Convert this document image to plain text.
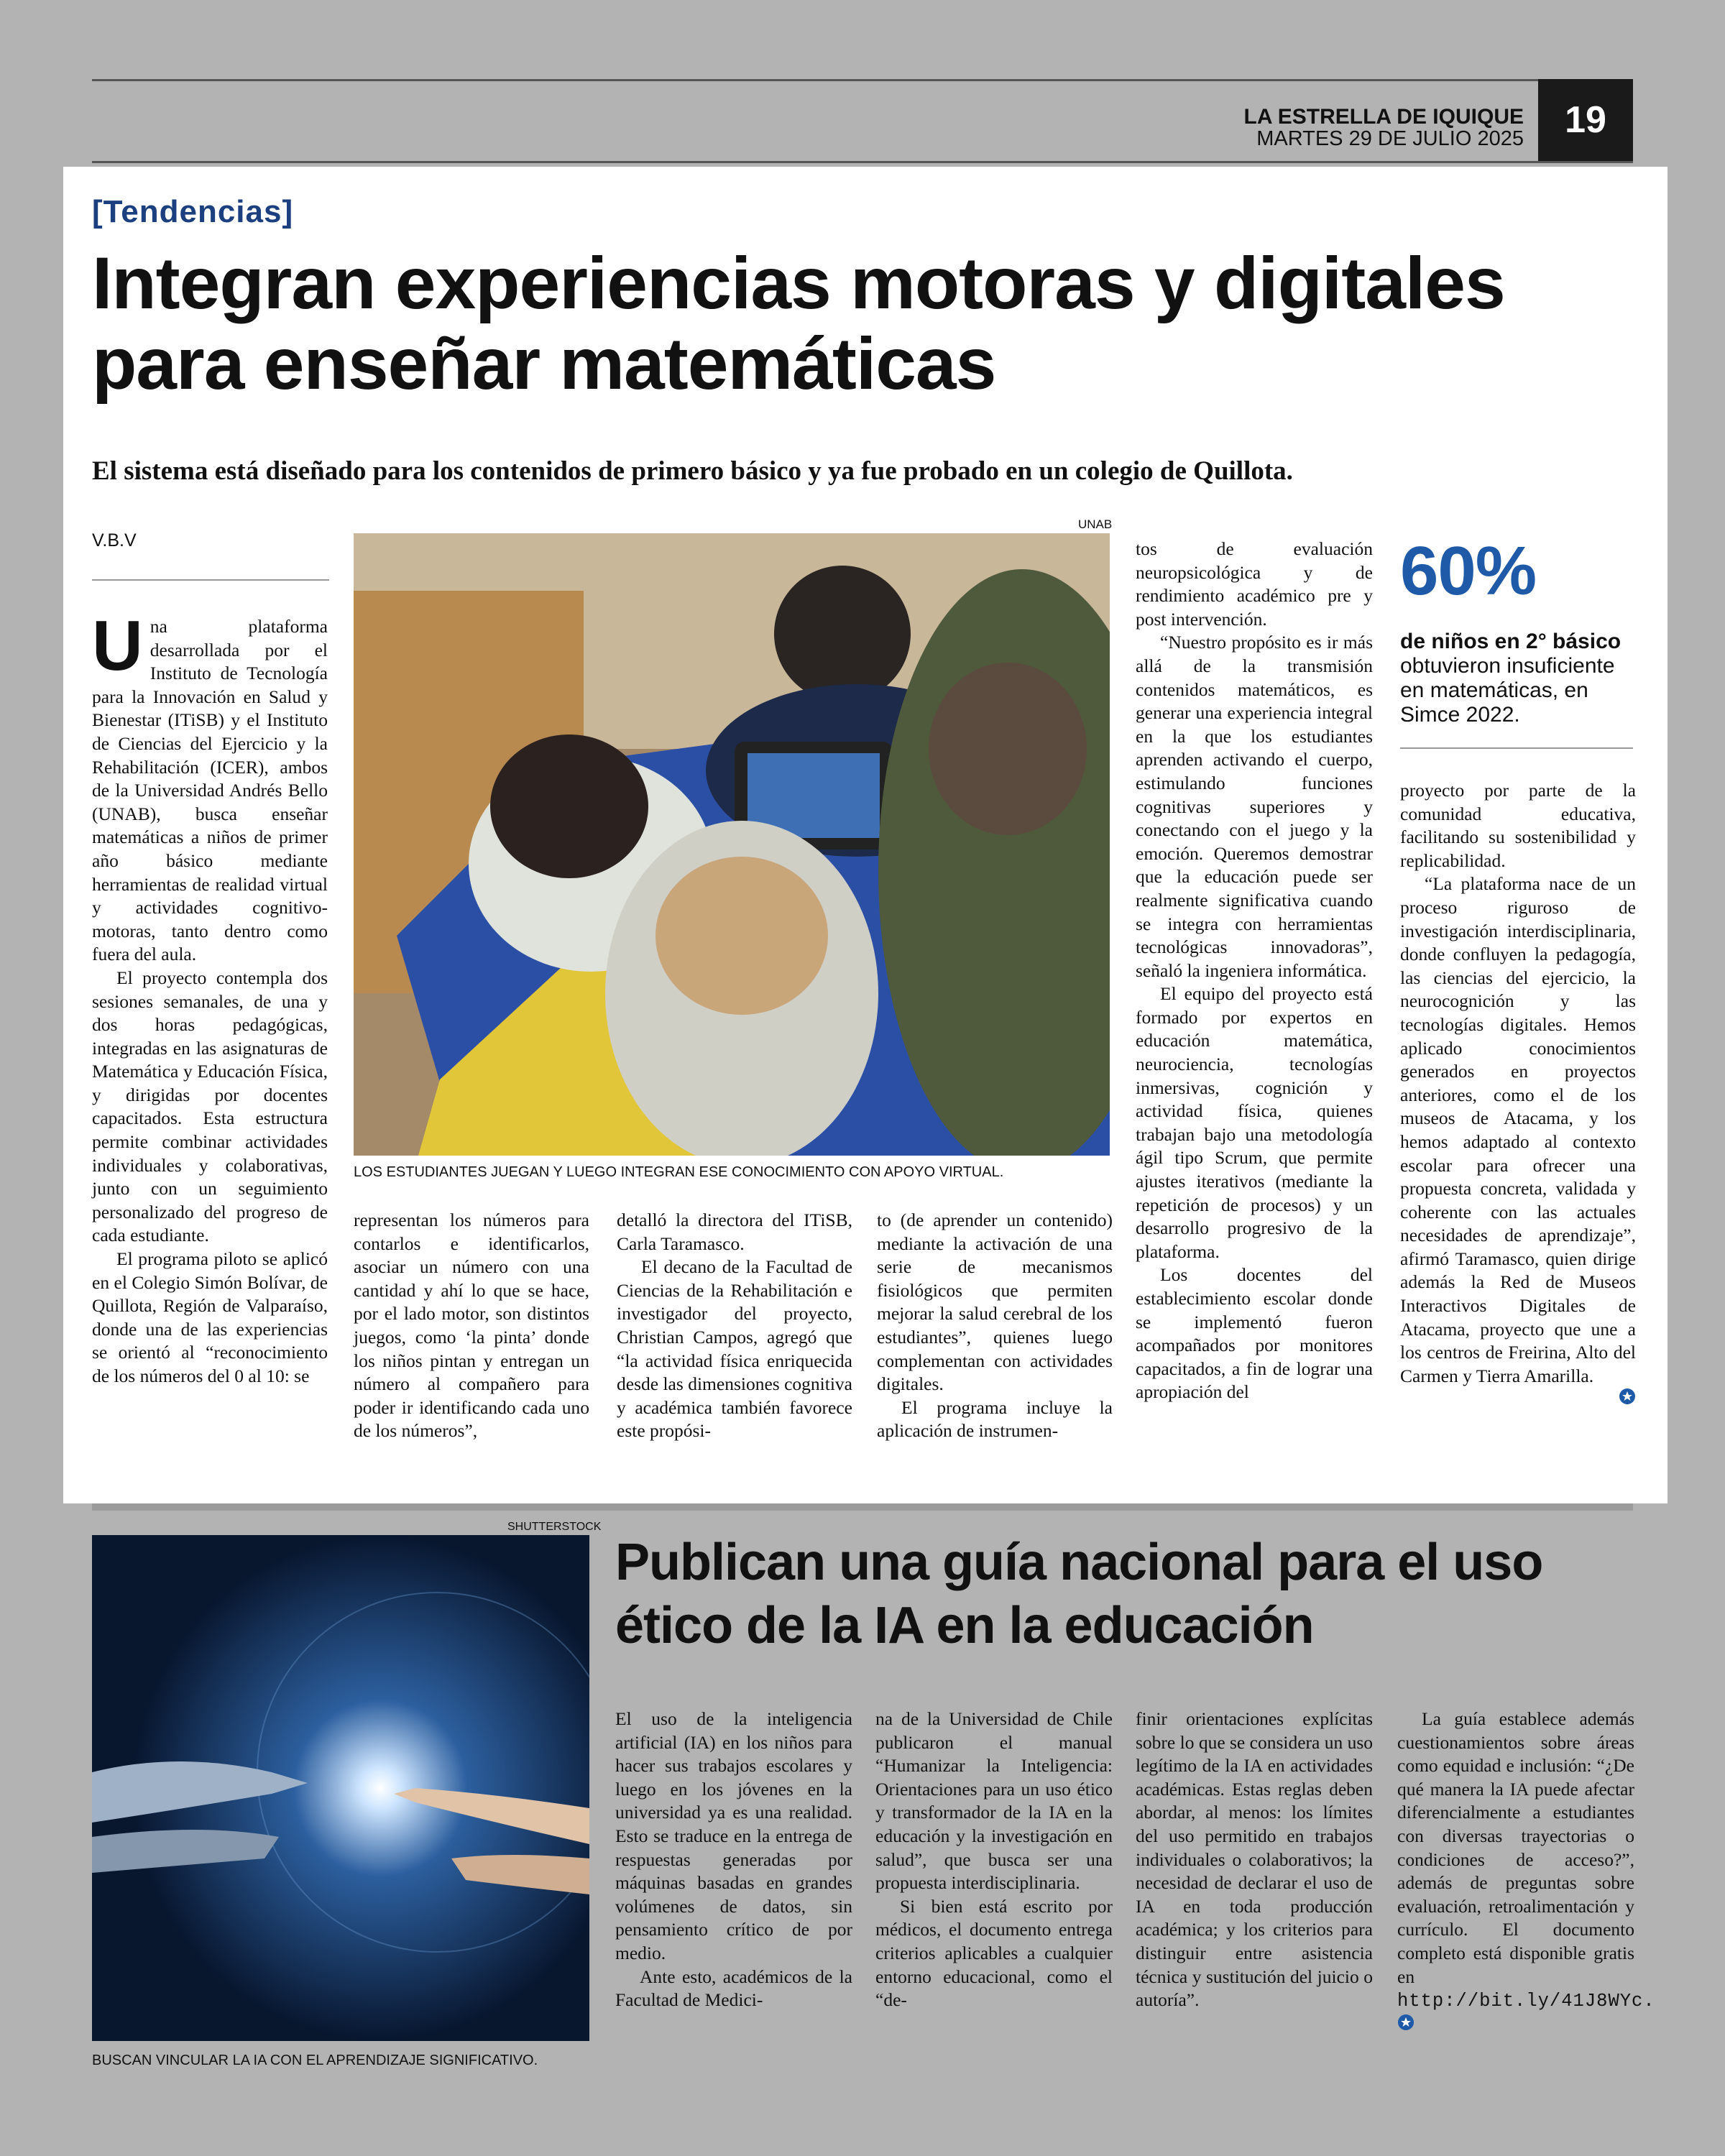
LA ESTRELLA DE IQUIQUE
MARTES 29 DE JULIO 2025	19
[Tendencias]
Integran experiencias motoras y digitales para enseñar matemáticas
El sistema está diseñado para los contenidos de primero básico y ya fue probado en un colegio de Quillota.
V.B.V
U na plataforma desarrollada por el Instituto de Tecnología para la Innovación en Salud y Bienestar (ITiSB) y el Instituto de Ciencias del Ejercicio y la Rehabilitación (ICER), ambos de la Universidad Andrés Bello (UNAB), busca enseñar matemáticas a niños de primer año básico mediante herramientas de realidad virtual y actividades cognitivo-motoras, tanto dentro como fuera del aula.

El proyecto contempla dos sesiones semanales, de una y dos horas pedagógicas, integradas en las asignaturas de Matemática y Educación Física, y dirigidas por docentes capacitados. Esta estructura permite combinar actividades individuales y colaborativas, junto con un seguimiento personalizado del progreso de cada estudiante.

El programa piloto se aplicó en el Colegio Simón Bolívar, de Quillota, Región de Valparaíso, donde una de las experiencias se orientó al “reconocimiento de los números del 0 al 10: se

UNAB
LOS ESTUDIANTES JUEGAN Y LUEGO INTEGRAN ESE CONOCIMIENTO CON APOYO VIRTUAL.

representan los números para contarlos e identificarlos, asociar un número con una cantidad y ahí lo que se hace, por el lado motor, son distintos juegos, como ‘la pinta’ donde los niños pintan y entregan un número al compañero para poder ir identificando cada uno de los números”,

detalló la directora del ITiSB, Carla Taramasco.

El decano de la Facultad de Ciencias de la Rehabilitación e investigador del proyecto, Christian Campos, agregó que “la actividad física enriquecida desde las dimensiones cognitiva y académica también favorece este propósi-

to (de aprender un contenido) mediante la activación de una serie de mecanismos fisiológicos que permiten mejorar la salud cerebral de los estudiantes”, quienes luego complementan con actividades digitales.

El programa incluye la aplicación de instrumen-

tos de evaluación neuropsicológica y de rendimiento académico pre y post intervención.

“Nuestro propósito es ir más allá de la transmisión contenidos matemáticos, es generar una experiencia integral en la que los estudiantes aprenden activando el cuerpo, estimulando funciones cognitivas superiores y conectando con el juego y la emoción. Queremos demostrar que la educación puede ser realmente significativa cuando se integra con herramientas tecnológicas innovadoras”, señaló la ingeniera informática.

El equipo del proyecto está formado por expertos en educación matemática, neurociencia, tecnologías inmersivas, cognición y actividad física, quienes trabajan bajo una metodología ágil tipo Scrum, que permite ajustes iterativos (mediante la repetición de procesos) y un desarrollo progresivo de la plataforma.

Los docentes del establecimiento escolar donde se implementó fueron acompañados por monitores capacitados, a fin de lograr una apropiación del

60%
de niños en 2° básico obtuvieron insuficiente en matemáticas, en Simce 2022.

proyecto por parte de la comunidad educativa, facilitando su sostenibilidad y replicabilidad.

“La plataforma nace de un proceso riguroso de investigación interdisciplinaria, donde confluyen la pedagogía, las ciencias del ejercicio, la neurocognición y las tecnologías digitales. Hemos aplicado conocimientos generados en proyectos anteriores, como el de los museos de Atacama, y los hemos adaptado al contexto escolar para ofrecer una propuesta concreta, validada y coherente con las actuales necesidades de aprendizaje”, afirmó Taramasco, quien dirige además la Red de Museos Interactivos Digitales de Atacama, proyecto que une a los centros de Freirina, Alto del Carmen y Tierra Amarilla.

SHUTTERSTOCK
BUSCAN VINCULAR LA IA CON EL APRENDIZAJE SIGNIFICATIVO.
Publican una guía nacional para el uso ético de la IA en la educación

El uso de la inteligencia artificial (IA) en los niños para hacer sus trabajos escolares y luego en los jóvenes en la universidad ya es una realidad. Esto se traduce en la entrega de respuestas generadas por máquinas basadas en grandes volúmenes de datos, sin pensamiento crítico de por medio.

Ante esto, académicos de la Facultad de Medici-

na de la Universidad de Chile publicaron el manual “Humanizar la Inteligencia: Orientaciones para un uso ético y transformador de la IA en la educación y la investigación en salud”, que busca ser una propuesta interdisciplinaria.

Si bien está escrito por médicos, el documento entrega criterios aplicables a cualquier entorno educacional, como el “de-

finir orientaciones explícitas sobre lo que se considera un uso legítimo de la IA en actividades académicas. Estas reglas deben abordar, al menos: los límites del uso permitido en trabajos individuales o colaborativos; la necesidad de declarar el uso de IA en toda producción académica; y los criterios para distinguir entre asistencia técnica y sustitución del juicio o autoría”.

La guía establece además cuestionamientos sobre áreas como equidad e inclusión: “¿De qué manera la IA puede afectar diferencialmente a estudiantes con diversas trayectorias o condiciones de acceso?”, además de preguntas sobre evaluación, retroalimentación y currículo. El documento completo está disponible gratis en http://bit.ly/41J8WYc.
